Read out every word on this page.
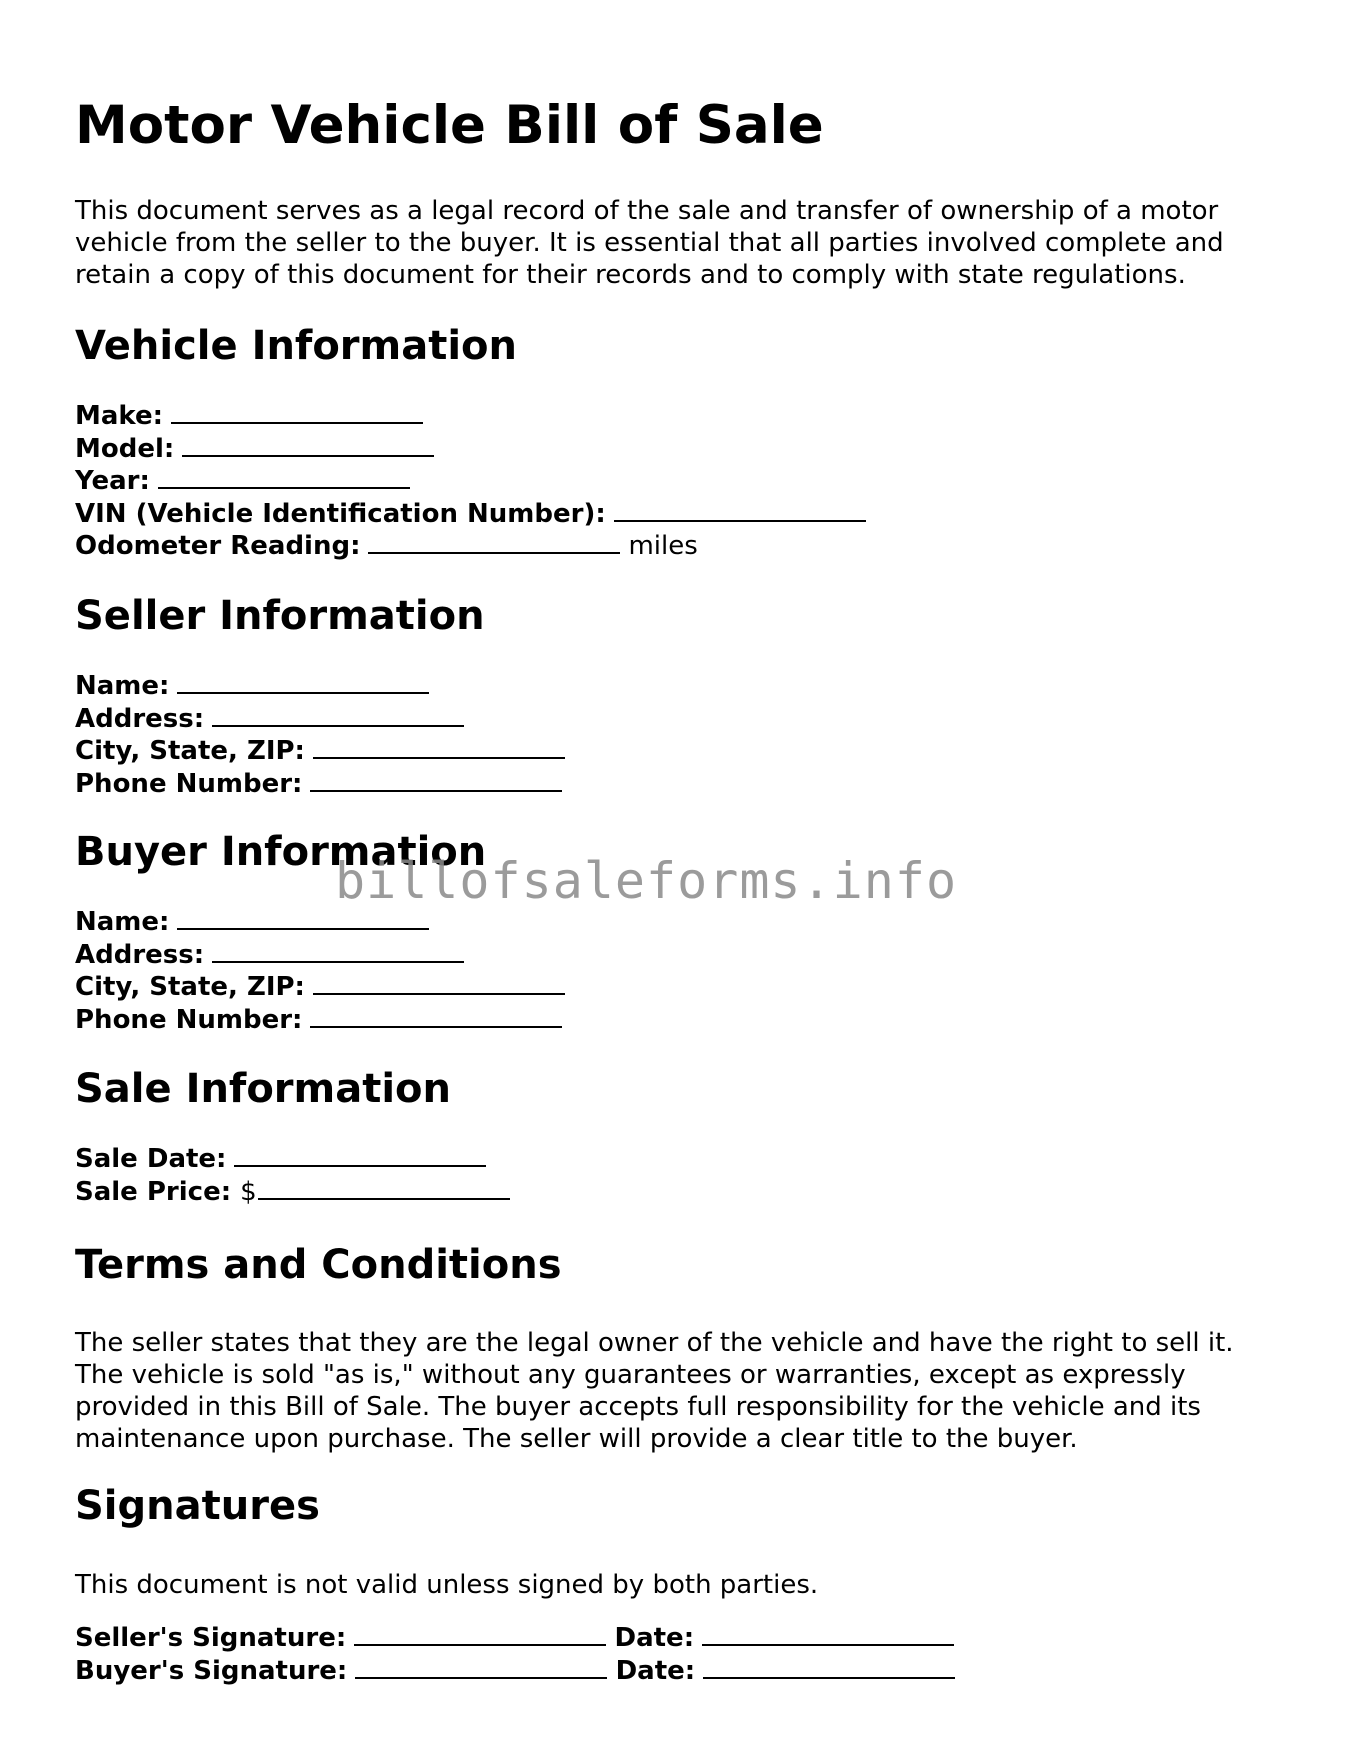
Motor Vehicle Bill of Sale

This document serves as a legal record of the sale and transfer of ownership of a motor vehicle from the seller to the buyer. It is essential that all parties involved complete and retain a copy of this document for their records and to comply with state regulations.

Vehicle Information
Make:
Model:
Year:
VIN (Vehicle Identification Number):
Odometer Reading:	miles
Seller Information
Name:
Address:
City, State, ZIP:
Phone Number:
Buyer Information
Name:
Address:
City, State, ZIP:
Phone Number:
Sale Information
Sale Date:
Sale Price: $
Terms and Conditions

The seller states that they are the legal owner of the vehicle and have the right to sell it. The vehicle is sold "as is," without any guarantees or warranties, except as expressly provided in this Bill of Sale. The buyer accepts full responsibility for the vehicle and its maintenance upon purchase. The seller will provide a clear title to the buyer.

Signatures

This document is not valid unless signed by both parties.

Seller's Signature:	Date:
Buyer's Signature:	Date:
billofsaleforms.info
